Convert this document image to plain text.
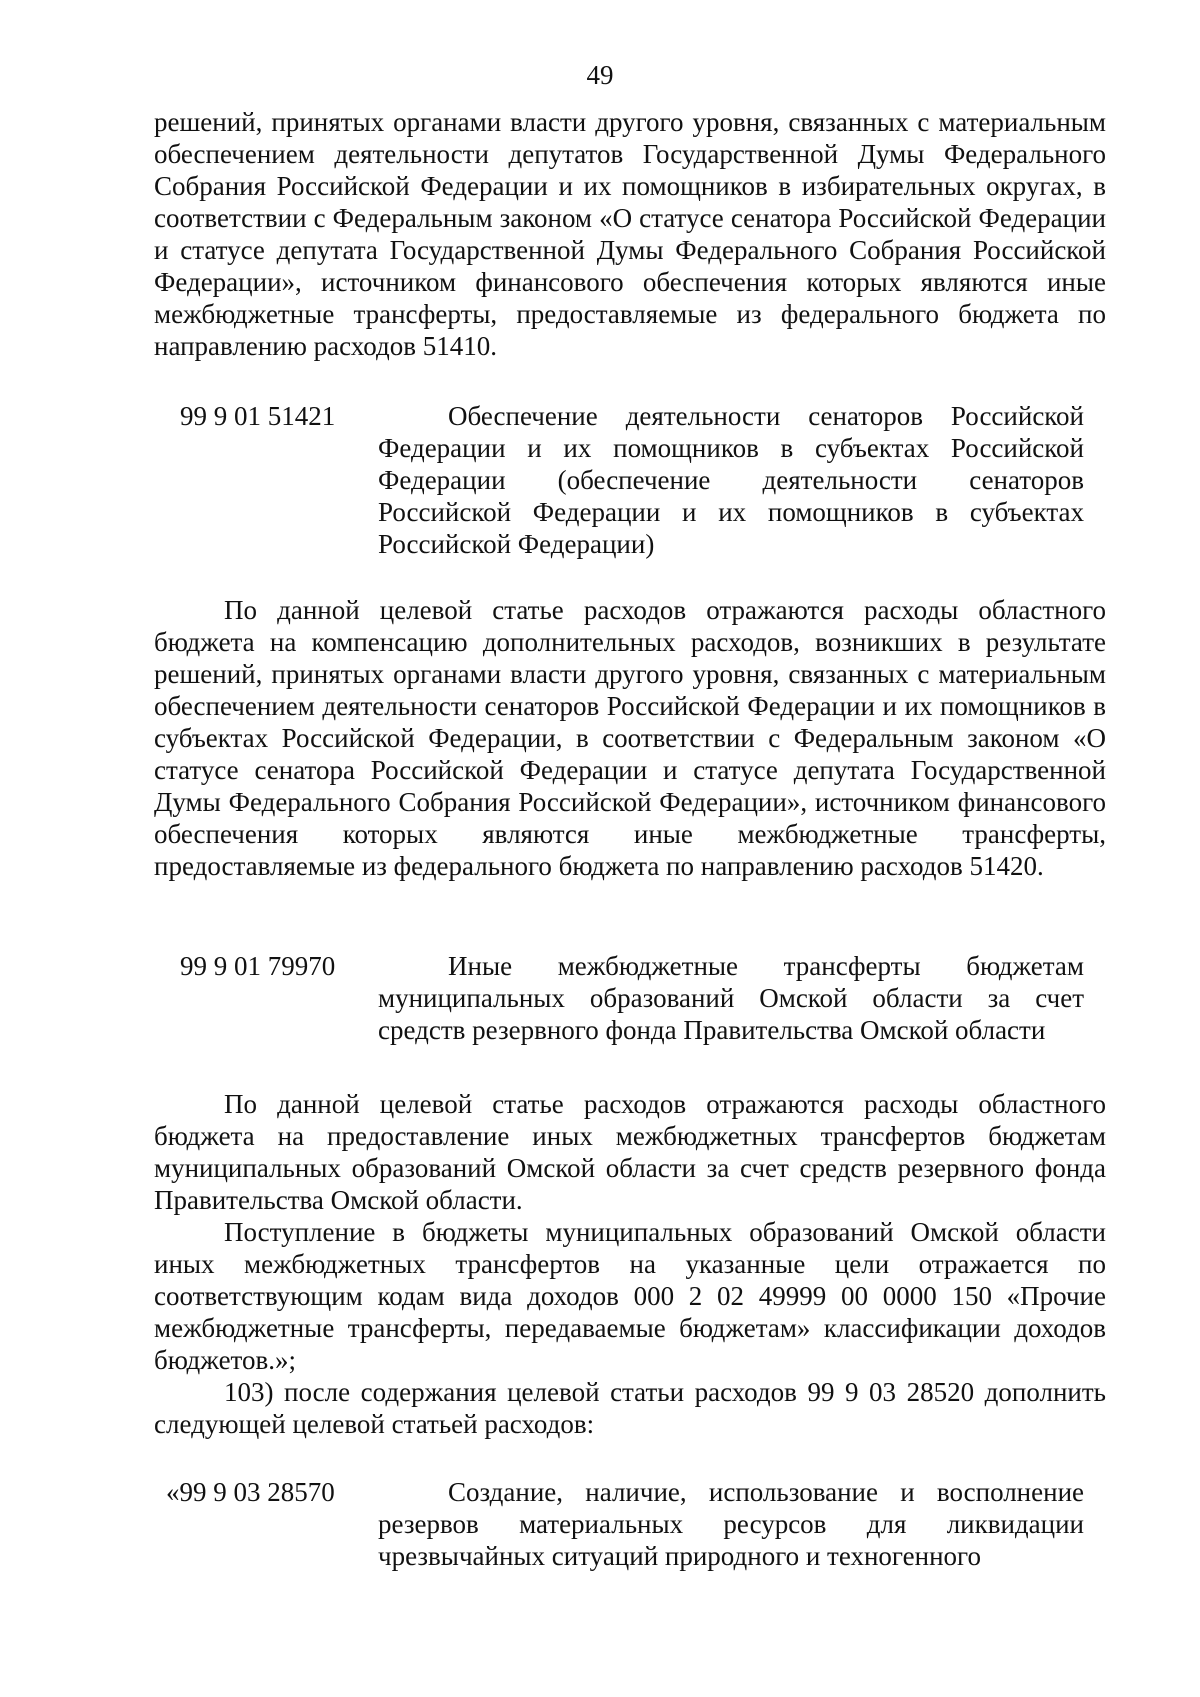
49
решений, принятых органами власти другого уровня, связанных с материальным обеспечением деятельности депутатов Государственной Думы Федерального Собрания Российской Федерации и их помощников в избирательных округах, в соответствии с Федеральным законом «О статусе сенатора Российской Федерации и статусе депутата Государственной Думы Федерального Собрания Российской Федерации», источником финансового обеспечения которых являются иные межбюджетные трансферты, предоставляемые из федерального бюджета по направлению расходов 51410.
99 9 01 51421	Обеспечение деятельности сенаторов Российской Федерации и их помощников в субъектах Российской Федерации (обеспечение деятельности сенаторов Российской Федерации и их помощников в субъектах Российской Федерации)
По данной целевой статье расходов отражаются расходы областного бюджета на компенсацию дополнительных расходов, возникших в результате решений, принятых органами власти другого уровня, связанных с материальным обеспечением деятельности сенаторов Российской Федерации и их помощников в субъектах Российской Федерации, в соответствии с Федеральным законом «О статусе сенатора Российской Федерации и статусе депутата Государственной Думы Федерального Собрания Российской Федерации», источником финансового обеспечения которых являются иные межбюджетные трансферты, предоставляемые из федерального бюджета по направлению расходов 51420.
99 9 01 79970	Иные межбюджетные трансферты бюджетам муниципальных образований Омской области за счет средств резервного фонда Правительства Омской области
По данной целевой статье расходов отражаются расходы областного бюджета на предоставление иных межбюджетных трансфертов бюджетам муниципальных образований Омской области за счет средств резервного фонда Правительства Омской области.
Поступление в бюджеты муниципальных образований Омской области иных межбюджетных трансфертов на указанные цели отражается по соответствующим кодам вида доходов 000 2 02 49999 00 0000 150 «Прочие межбюджетные трансферты, передаваемые бюджетам» классификации доходов бюджетов.»;
103) после содержания целевой статьи расходов 99 9 03 28520 дополнить следующей целевой статьей расходов:
«99 9 03 28570	Создание, наличие, использование и восполнение резервов материальных ресурсов для ликвидации чрезвычайных ситуаций природного и техногенного
